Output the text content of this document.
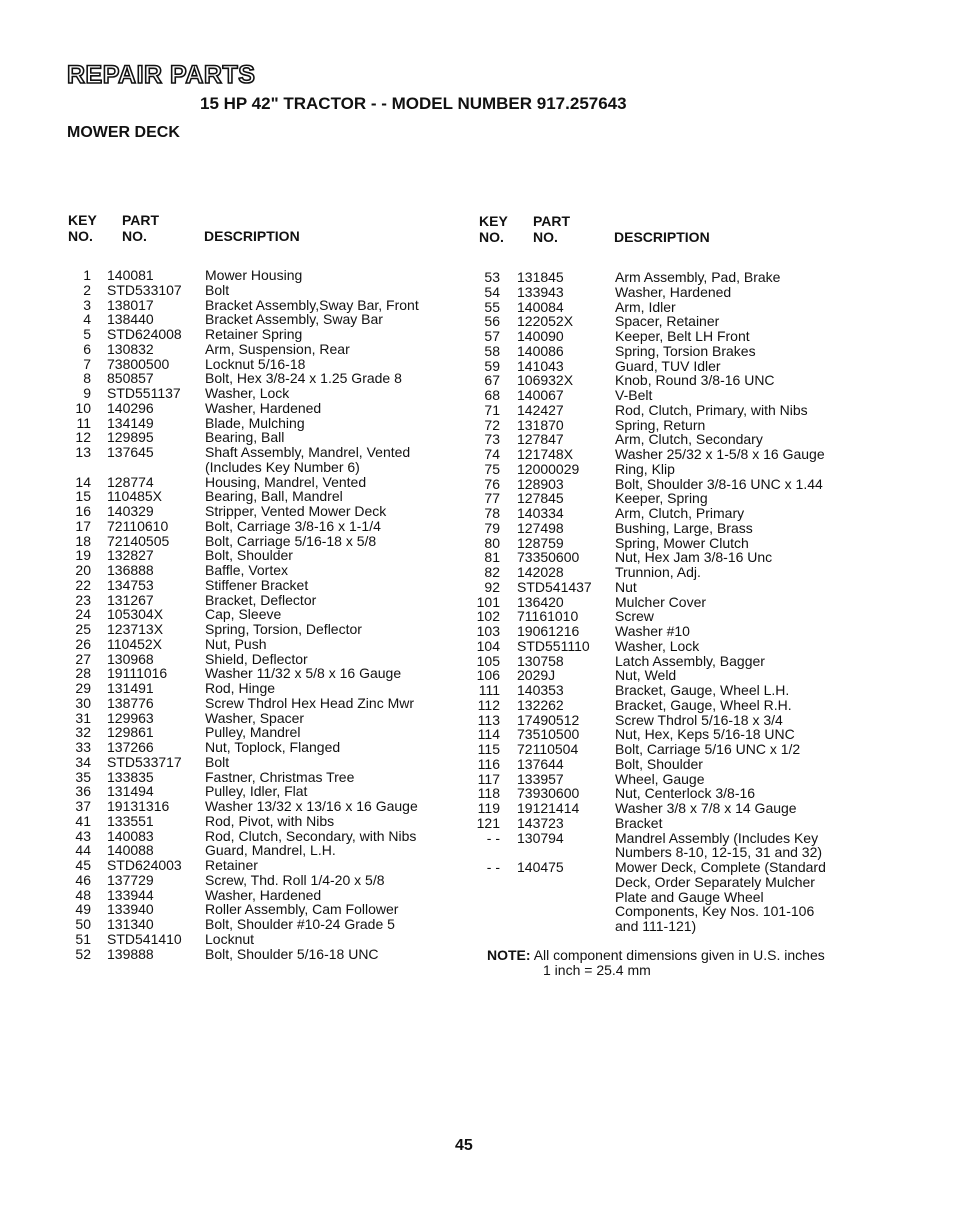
REPAIR PARTS
15 HP 42" TRACTOR - - MODEL NUMBER 917.257643
MOWER DECK
KEY
NO.
PART
NO.	DESCRIPTION
KEY
NO.
PART
NO.	DESCRIPTION
1 140081	Mower Housing
2 STD533107 Bolt
3 138017	Bracket Assembly,Sway Bar, Front
4 138440	Bracket Assembly, Sway Bar
5 STD624008 Retainer Spring
6 130832	Arm, Suspension, Rear
7 73800500	Locknut 5/16-18
8 850857	Bolt, Hex 3/8-24 x 1.25 Grade 8
9 STD551137 Washer, Lock
10 140296	Washer, Hardened
11 134149	Blade, Mulching
12 129895	Bearing, Ball
13 137645	Shaft Assembly, Mandrel, Vented
(Includes Key Number 6)
14 128774	Housing, Mandrel, Vented
15 110485X	Bearing, Ball, Mandrel
16 140329	Stripper, Vented Mower Deck
17 72110610	Bolt, Carriage 3/8-16 x 1-1/4
18 72140505	Bolt, Carriage 5/16-18 x 5/8
19 132827	Bolt, Shoulder
20 136888	Baffle, Vortex
22 134753	Stiffener Bracket
23 131267	Bracket, Deflector
24 105304X	Cap, Sleeve
25 123713X	Spring, Torsion, Deflector
26 110452X	Nut, Push
27 130968	Shield, Deflector
28 19111016	Washer 11/32 x 5/8 x 16 Gauge
29 131491	Rod, Hinge
30 138776	Screw Thdrol Hex Head Zinc Mwr
31 129963	Washer, Spacer
32 129861	Pulley, Mandrel
33 137266	Nut, Toplock, Flanged
34 STD533717 Bolt
35 133835	Fastner, Christmas Tree
36 131494	Pulley, Idler, Flat
37 19131316	Washer 13/32 x 13/16 x 16 Gauge
41 133551	Rod, Pivot, with Nibs
43 140083	Rod, Clutch, Secondary, with Nibs
44 140088	Guard, Mandrel, L.H.
45 STD624003 Retainer
46 137729	Screw, Thd. Roll 1/4-20 x 5/8
48 133944	Washer, Hardened
49 133940	Roller Assembly, Cam Follower
50 131340	Bolt, Shoulder #10-24 Grade 5
51 STD541410 Locknut
52 139888	Bolt, Shoulder 5/16-18 UNC
53 131845	Arm Assembly, Pad, Brake
54 133943	Washer, Hardened
55 140084	Arm, Idler
56 122052X	Spacer, Retainer
57 140090	Keeper, Belt LH Front
58 140086	Spring, Torsion Brakes
59 141043	Guard, TUV Idler
67 106932X	Knob, Round 3/8-16 UNC
68 140067	V-Belt
71 142427	Rod, Clutch, Primary, with Nibs
72 131870	Spring, Return
73 127847	Arm, Clutch, Secondary
74 121748X	Washer 25/32 x 1-5/8 x 16 Gauge
75 12000029	Ring, Klip
76 128903	Bolt, Shoulder 3/8-16 UNC x 1.44
77 127845	Keeper, Spring
78 140334	Arm, Clutch, Primary
79 127498	Bushing, Large, Brass
80 128759	Spring, Mower Clutch
81 73350600	Nut, Hex Jam 3/8-16 Unc
82 142028	Trunnion, Adj.
92 STD541437 Nut
101 136420	Mulcher Cover
102 71161010	Screw
103 19061216	Washer #10
104 STD551110 Washer, Lock
105 130758	Latch Assembly, Bagger
106 2029J	Nut, Weld
111 140353	Bracket, Gauge, Wheel L.H.
112 132262	Bracket, Gauge, Wheel R.H.
113 17490512	Screw Thdrol 5/16-18 x 3/4
114 73510500	Nut, Hex, Keps 5/16-18 UNC
115 72110504	Bolt, Carriage 5/16 UNC x 1/2
116 137644	Bolt, Shoulder
117 133957	Wheel, Gauge
118 73930600	Nut, Centerlock 3/8-16
119 19121414	Washer 3/8 x 7/8 x 14 Gauge
121 143723	Bracket
- - 130794	Mandrel Assembly (Includes Key
Numbers 8-10, 12-15, 31 and 32)
- - 140475	Mower Deck, Complete (Standard
Deck, Order Separately Mulcher
Plate and Gauge Wheel
Components, Key Nos. 101-106
and 111-121)
NOTE: All component dimensions given in U.S. inches
1 inch = 25.4 mm
45
